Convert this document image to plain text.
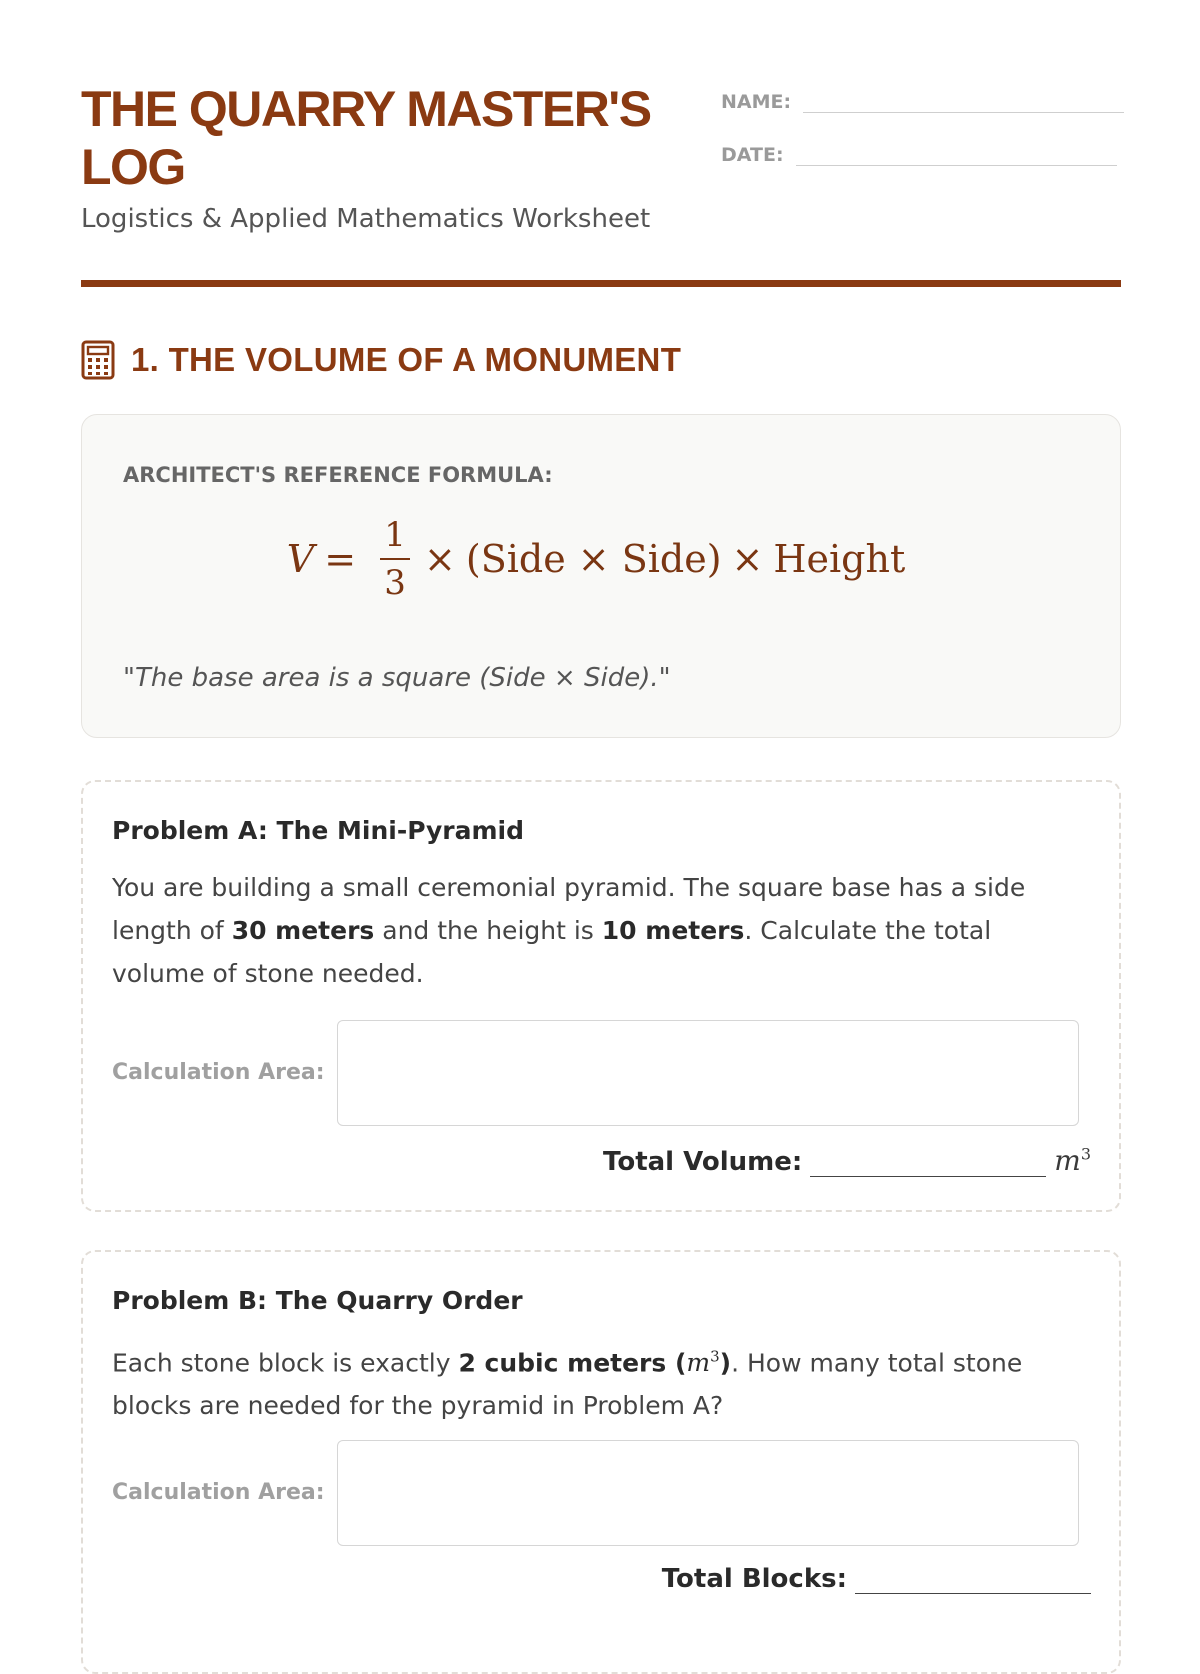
THE QUARRY MASTER'S LOG

Logistics & Applied Mathematics Worksheet

NAME:
DATE:
1. THE VOLUME OF A MONUMENT
ARCHITECT'S REFERENCE FORMULA:
$V = \frac{1}{3}$ × (Side × Side) × Height
"The base area is a square (Side × Side)."
Problem A: The Mini-Pyramid
You are building a small ceremonial pyramid. The square base has a side length of 30 meters and the height is 10 meters. Calculate the total volume of stone needed.
Calculation Area:
Total Volume:	$m^3$
Problem B: The Quarry Order
Each stone block is exactly 2 cubic meters $(m^3)$. How many total stone blocks are needed for the pyramid in Problem A?
Calculation Area:
Total Blocks:
